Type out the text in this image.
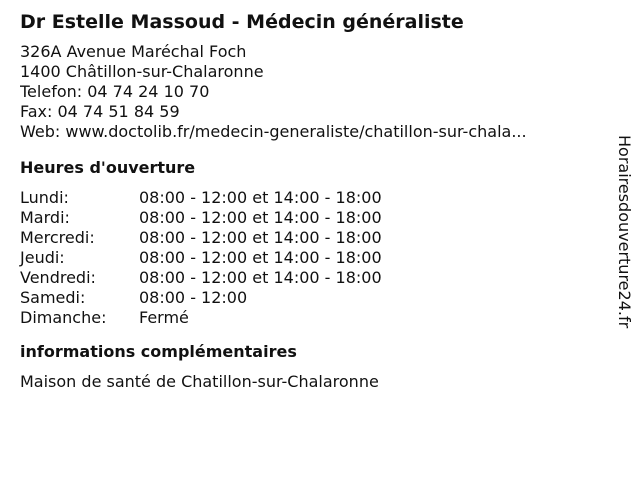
Dr Estelle Massoud - Médecin généraliste
326A Avenue Maréchal Foch
1400 Châtillon-sur-Chalaronne
Telefon: 04 74 24 10 70
Fax: 04 74 51 84 59
Web: www.doctolib.fr/medecin-generaliste/chatillon-sur-chala...
Heures d'ouverture
Lundi:	08:00 - 12:00 et 14:00 - 18:00
Mardi:	08:00 - 12:00 et 14:00 - 18:00
Mercredi:	08:00 - 12:00 et 14:00 - 18:00
Jeudi:	08:00 - 12:00 et 14:00 - 18:00
Vendredi:	08:00 - 12:00 et 14:00 - 18:00
Samedi:	08:00 - 12:00
Dimanche:	Fermé
informations complémentaires
Maison de santé de Chatillon-sur-Chalaronne
Horairesdouverture24.fr
